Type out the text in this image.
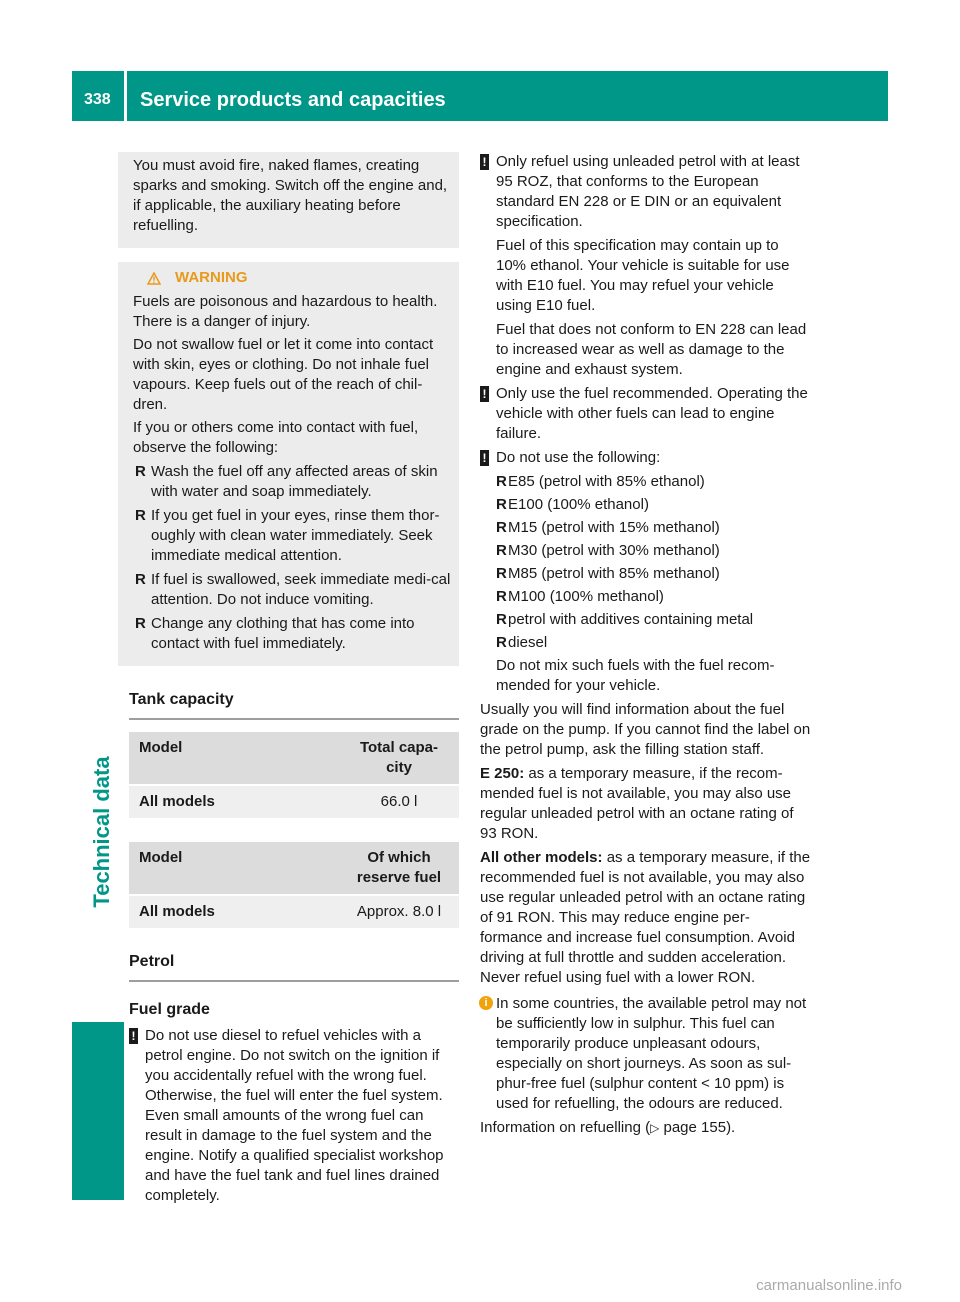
338	Service products and capacities
Technical data

You must avoid fire, naked flames, creating sparks and smoking. Switch off the engine and, if applicable, the auxiliary heating before refuelling.

WARNING

Fuels are poisonous and hazardous to health. There is a danger of injury.

Do not swallow fuel or let it come into contact with skin, eyes or clothing. Do not inhale fuel vapours. Keep fuels out of the reach of chil-dren.

If you or others come into contact with fuel, observe the following:

R Wash the fuel off any affected areas of skin with water and soap immediately.
R If you get fuel in your eyes, rinse them thor-oughly with clean water immediately. Seek immediate medical attention.
R If fuel is swallowed, seek immediate medi-cal attention. Do not induce vomiting.
R Change any clothing that has come into contact with fuel immediately.
Tank capacity
Model	Total capa-city
All models	66.0 l
Model	Of which reserve fuel
All models	Approx. 8.0 l
Petrol
Fuel grade
! Do not use diesel to refuel vehicles with a petrol engine. Do not switch on the ignition if you accidentally refuel with the wrong fuel. Otherwise, the fuel will enter the fuel system. Even small amounts of the wrong fuel can result in damage to the fuel system and the engine. Notify a qualified specialist workshop and have the fuel tank and fuel lines drained completely.

! Only refuel using unleaded petrol with at least 95 ROZ, that conforms to the European standard EN 228 or E DIN or an equivalent specification.

Fuel of this specification may contain up to 10% ethanol. Your vehicle is suitable for use with E10 fuel. You may refuel your vehicle using E10 fuel.

Fuel that does not conform to EN 228 can lead to increased wear as well as damage to the engine and exhaust system.

! Only use the fuel recommended. Operating the vehicle with other fuels can lead to engine failure.

! Do not use the following:

R E85 (petrol with 85% ethanol)
R E100 (100% ethanol)
R M15 (petrol with 15% methanol)
R M30 (petrol with 30% methanol)
R M85 (petrol with 85% methanol)
R M100 (100% methanol)
R petrol with additives containing metal
R diesel

Do not mix such fuels with the fuel recom-mended for your vehicle.

Usually you will find information about the fuel grade on the pump. If you cannot find the label on the petrol pump, ask the filling station staff.

E 250: as a temporary measure, if the recom-mended fuel is not available, you may also use regular unleaded petrol with an octane rating of 93 RON.

All other models: as a temporary measure, if the recommended fuel is not available, you may also use regular unleaded petrol with an octane rating of 91 RON. This may reduce engine per-formance and increase fuel consumption. Avoid driving at full throttle and sudden acceleration. Never refuel using fuel with a lower RON.

i In some countries, the available petrol may not be sufficiently low in sulphur. This fuel can temporarily produce unpleasant odours, especially on short journeys. As soon as sul-phur-free fuel (sulphur content < 10 ppm) is used for refuelling, the odours are reduced.

Information on refuelling (▷ page 155).

carmanualsonline.info
